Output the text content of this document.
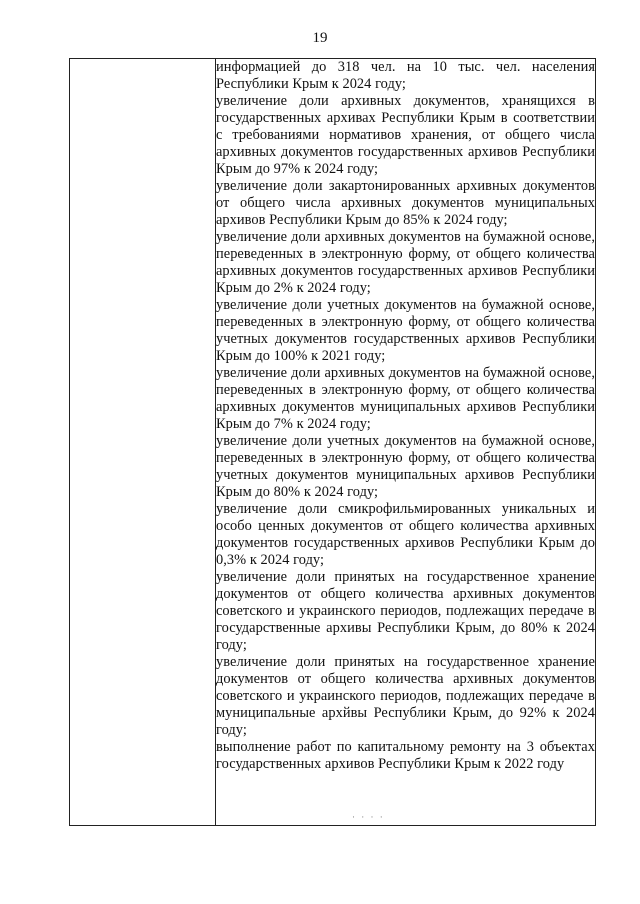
19

информацией до 318 чел. на 10 тыс. чел. населения Республики Крым к 2024 году;

увеличение доли архивных документов, хранящихся в государственных архивах Республики Крым в соответствии с требованиями нормативов хранения, от общего числа архивных документов государственных архивов Республики Крым до 97% к 2024 году;

увеличение доли закартонированных архивных документов от общего числа архивных документов муниципальных архивов Республики Крым до 85% к 2024 году;

увеличение доли архивных документов на бумажной основе, переведенных в электронную форму, от общего количества архивных документов государственных архивов Республики Крым до 2% к 2024 году;

увеличение доли учетных документов на бумажной основе, переведенных в электронную форму, от общего количества учетных документов государственных архивов Республики Крым до 100% к 2021 году;

увеличение доли архивных документов на бумажной основе, переведенных в электронную форму, от общего количества архивных документов муниципальных архивов Республики Крым до 7% к 2024 году;

увеличение доли учетных документов на бумажной основе, переведенных в электронную форму, от общего количества учетных документов муниципальных архивов Республики Крым до 80% к 2024 году;

увеличение доли смикрофильмированных уникальных и особо ценных документов от общего количества архивных документов государственных архивов Республики Крым до 0,3% к 2024 году;

увеличение доли принятых на государственное хранение документов от общего количества архивных документов советского и украинского периодов, подлежащих передаче в государственные архивы Республики Крым, до 80% к 2024 году;

увеличение доли принятых на государственное хранение документов от общего количества архивных документов советского и украинского периодов, подлежащих передаче в муниципальные архйвы Республики Крым, до 92% к 2024 году;

выполнение работ по капитальному ремонту на 3 объектах государственных архивов Республики Крым к 2022 году

· · · ·
